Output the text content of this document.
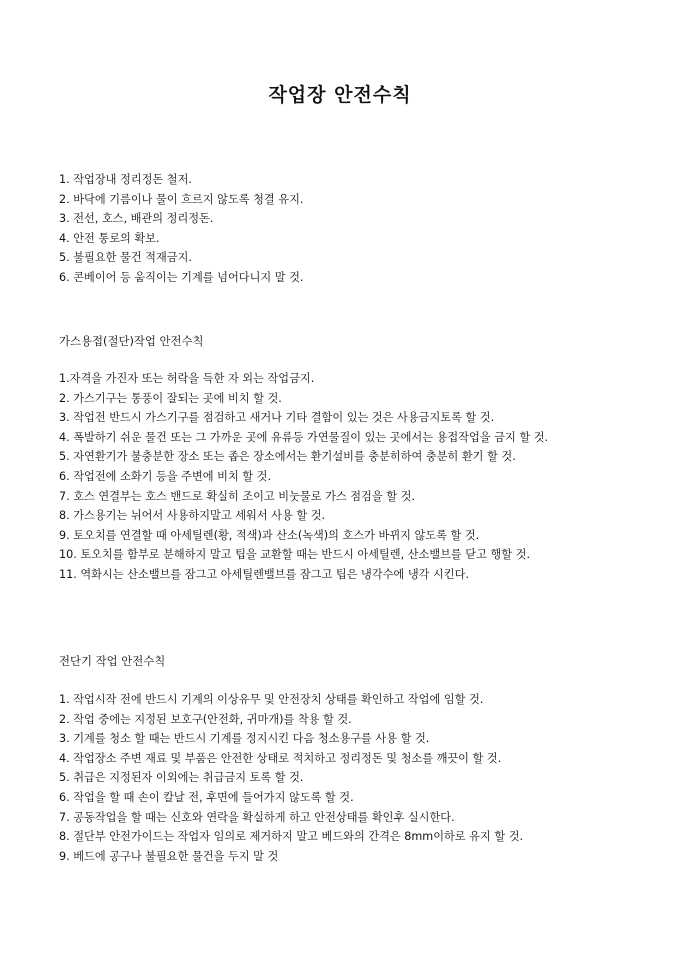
작업장 안전수칙
1. 작업장내 정리정돈 철저.
2. 바닥에 기름이나 물이 흐르지 않도록 청결 유지.
3. 전선, 호스, 배관의 정리정돈.
4. 안전 통로의 확보.
5. 불필요한 물건 적재금지.
6. 콘베이어 등 움직이는 기계를 넘어다니지 말 것.
가스용접(절단)작업 안전수칙
1.자격을 가진자 또는 허락을 득한 자 외는 작업금지.
2. 가스기구는 통풍이 잘되는 곳에 비치 할 것.
3. 작업전 반드시 가스기구를 점검하고 새거나 기타 결함이 있는 것은 사용금지토록 할 것.
4. 폭발하기 쉬운 물건 또는 그 가까운 곳에 유류등 가연물질이 있는 곳에서는 용접작업을 금지 할 것.
5. 자연환기가 불충분한 장소 또는 좁은 장소에서는 환기설비를 충분히하여 충분히 환기 할 것.
6. 작업전에 소화기 등을 주변에 비치 할 것.
7. 호스 연결부는 호스 밴드로 확실히 조이고 비눗물로 가스 점검을 할 것.
8. 가스용기는 뉘어서 사용하지말고 세워서 사용 할 것.
9. 토오치를 연결할 때 아세틸렌(황, 적색)과 산소(녹색)의 호스가 바뀌지 않도록 할 것.
10. 토오치를 함부로 분해하지 말고 팁을 교환할 때는 반드시 아세틸렌, 산소밸브를 닫고 행할 것.
11. 역화시는 산소밸브를 잠그고 아세틸렌밸브를 잠그고 팁은 냉각수에 냉각 시킨다.
전단기 작업 안전수칙
1. 작업시작 전에 반드시 기계의 이상유무 및 안전장치 상태를 확인하고 작업에 임할 것.
2. 작업 중에는 지정된 보호구(안전화, 귀마개)를 착용 할 것.
3. 기계를 청소 할 때는 반드시 기계를 정지시킨 다음 청소용구를 사용 할 것.
4. 작업장소 주변 재료 및 부품은 안전한 상태로 적치하고 정리정돈 및 청소를 깨끗이 할 것.
5. 취급은 지정된자 이외에는 취급금지 토록 할 것.
6. 작업을 할 때 손이 칼날 전, 후면에 들어가지 않도록 할 것.
7. 공동작업을 할 때는 신호와 연락을 확실하게 하고 안전상태를 확인후 실시한다.
8. 절단부 안전가이드는 작업자 임의로 제거하지 말고 베드와의 간격은 8mm이하로 유지 할 것.
9. 베드에 공구나 불필요한 물건을 두지 말 것
